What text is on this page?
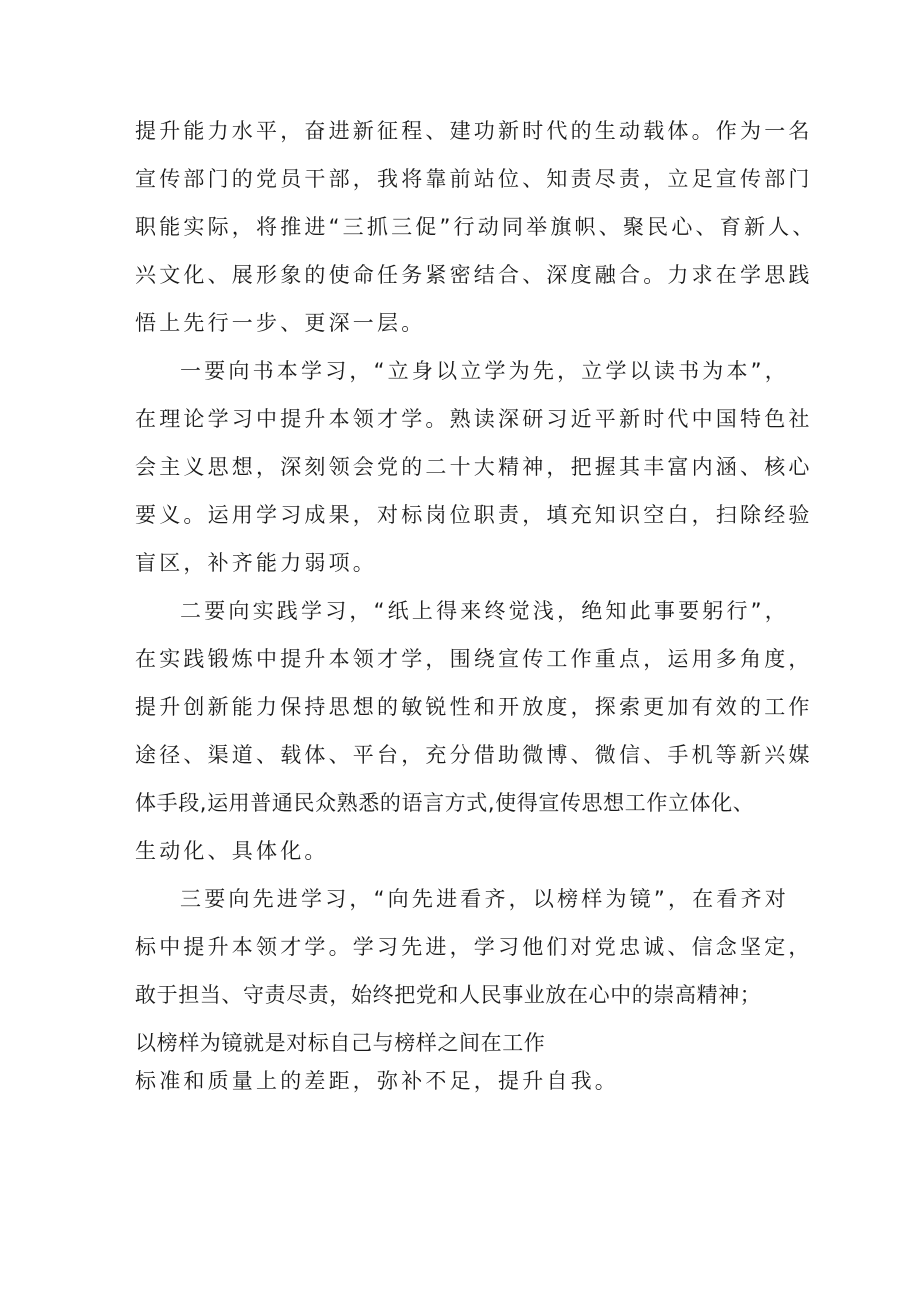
提升能力水平，奋进新征程、建功新时代的生动载体。作为一名
宣传部门的党员干部，我将靠前站位、知责尽责，立足宣传部门
职能实际，将推进“三抓三促”行动同举旗帜、聚民心、育新人、
兴文化、展形象的使命任务紧密结合、深度融合。力求在学思践
悟上先行一步、更深一层。
一要向书本学习，“立身以立学为先，立学以读书为本”，
在理论学习中提升本领才学。熟读深研习近平新时代中国特色社
会主义思想，深刻领会党的二十大精神，把握其丰富内涵、核心
要义。运用学习成果，对标岗位职责，填充知识空白，扫除经验
盲区，补齐能力弱项。
二要向实践学习，“纸上得来终觉浅，绝知此事要躬行”，
在实践锻炼中提升本领才学，围绕宣传工作重点，运用多角度，
提升创新能力保持思想的敏锐性和开放度，探索更加有效的工作
途径、渠道、载体、平台，充分借助微博、微信、手机等新兴媒
体手段,运用普通民众熟悉的语言方式,使得宣传思想工作立体化、
生动化、具体化。
三要向先进学习，“向先进看齐，以榜样为镜”，在看齐对
标中提升本领才学。学习先进，学习他们对党忠诚、信念坚定，
敢于担当、守责尽责，始终把党和人民事业放在心中的崇高精神；
以榜样为镜就是对标自己与榜样之间在工作
标准和质量上的差距，弥补不足，提升自我。
